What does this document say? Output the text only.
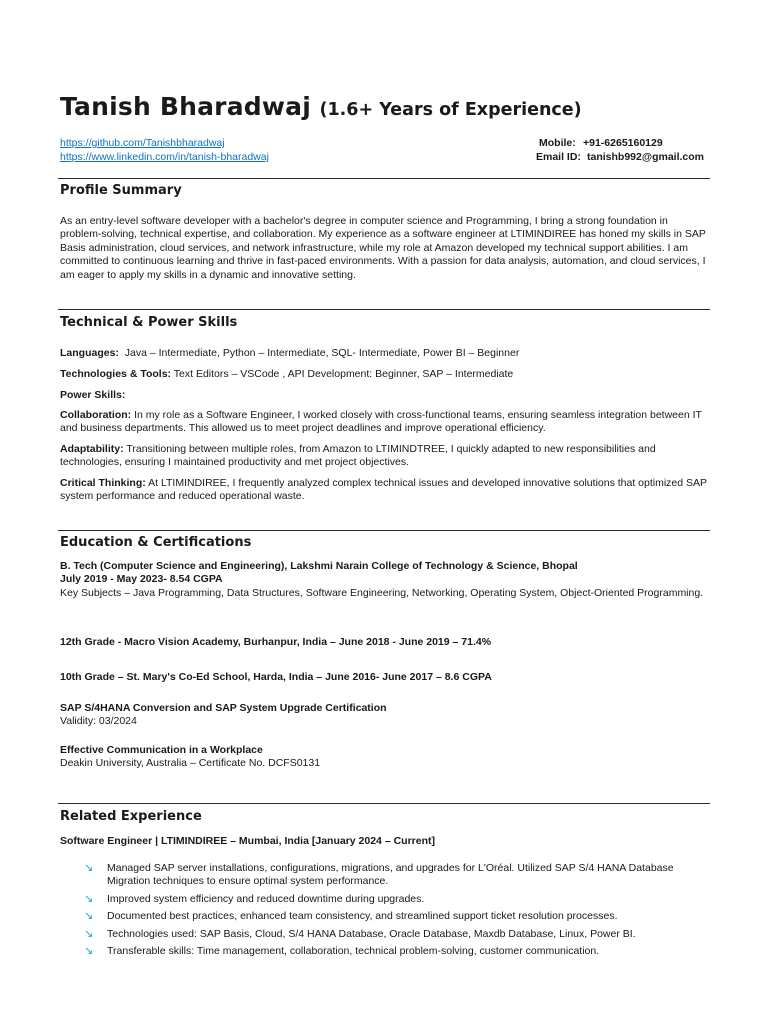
Tanish Bharadwaj (1.6+ Years of Experience)
https://github.com/Tanishbharadwaj
https://www.linkedin.com/in/tanish-bharadwaj
Mobile: +91-6265160129
Email ID: tanishb992@gmail.com
Profile Summary
As an entry-level software developer with a bachelor's degree in computer science and Programming, I bring a strong foundation in problem-solving, technical expertise, and collaboration. My experience as a software engineer at LTIMINDIREE has honed my skills in SAP Basis administration, cloud services, and network infrastructure, while my role at Amazon developed my technical support abilities. I am committed to continuous learning and thrive in fast-paced environments. With a passion for data analysis, automation, and cloud services, I am eager to apply my skills in a dynamic and innovative setting.
Technical & Power Skills
Languages: Java – Intermediate, Python – Intermediate, SQL- Intermediate, Power BI – Beginner
Technologies & Tools: Text Editors – VSCode , API Development: Beginner, SAP – Intermediate
Power Skills:
Collaboration: In my role as a Software Engineer, I worked closely with cross-functional teams, ensuring seamless integration between IT and business departments. This allowed us to meet project deadlines and improve operational efficiency.
Adaptability: Transitioning between multiple roles, from Amazon to LTIMINDTREE, I quickly adapted to new responsibilities and technologies, ensuring I maintained productivity and met project objectives.
Critical Thinking: At LTIMINDIREE, I frequently analyzed complex technical issues and developed innovative solutions that optimized SAP system performance and reduced operational waste.
Education & Certifications
B. Tech (Computer Science and Engineering), Lakshmi Narain College of Technology & Science, Bhopal
July 2019 - May 2023- 8.54 CGPA
Key Subjects – Java Programming, Data Structures, Software Engineering, Networking, Operating System, Object-Oriented Programming.
12th Grade - Macro Vision Academy, Burhanpur, India – June 2018 - June 2019 – 71.4%
10th Grade – St. Mary's Co-Ed School, Harda, India – June 2016- June 2017 – 8.6 CGPA
SAP S/4HANA Conversion and SAP System Upgrade Certification
Validity: 03/2024
Effective Communication in a Workplace
Deakin University, Australia – Certificate No. DCFS0131
Related Experience
Software Engineer | LTIMINDIREE – Mumbai, India [January 2024 – Current]
↘	Managed SAP server installations, configurations, migrations, and upgrades for L'Oréal. Utilized SAP S/4 HANA Database Migration techniques to ensure optimal system performance.
↘	Improved system efficiency and reduced downtime during upgrades.
↘	Documented best practices, enhanced team consistency, and streamlined support ticket resolution processes.
↘	Technologies used: SAP Basis, Cloud, S/4 HANA Database, Oracle Database, Maxdb Database, Linux, Power BI.
↘	Transferable skills: Time management, collaboration, technical problem-solving, customer communication.
